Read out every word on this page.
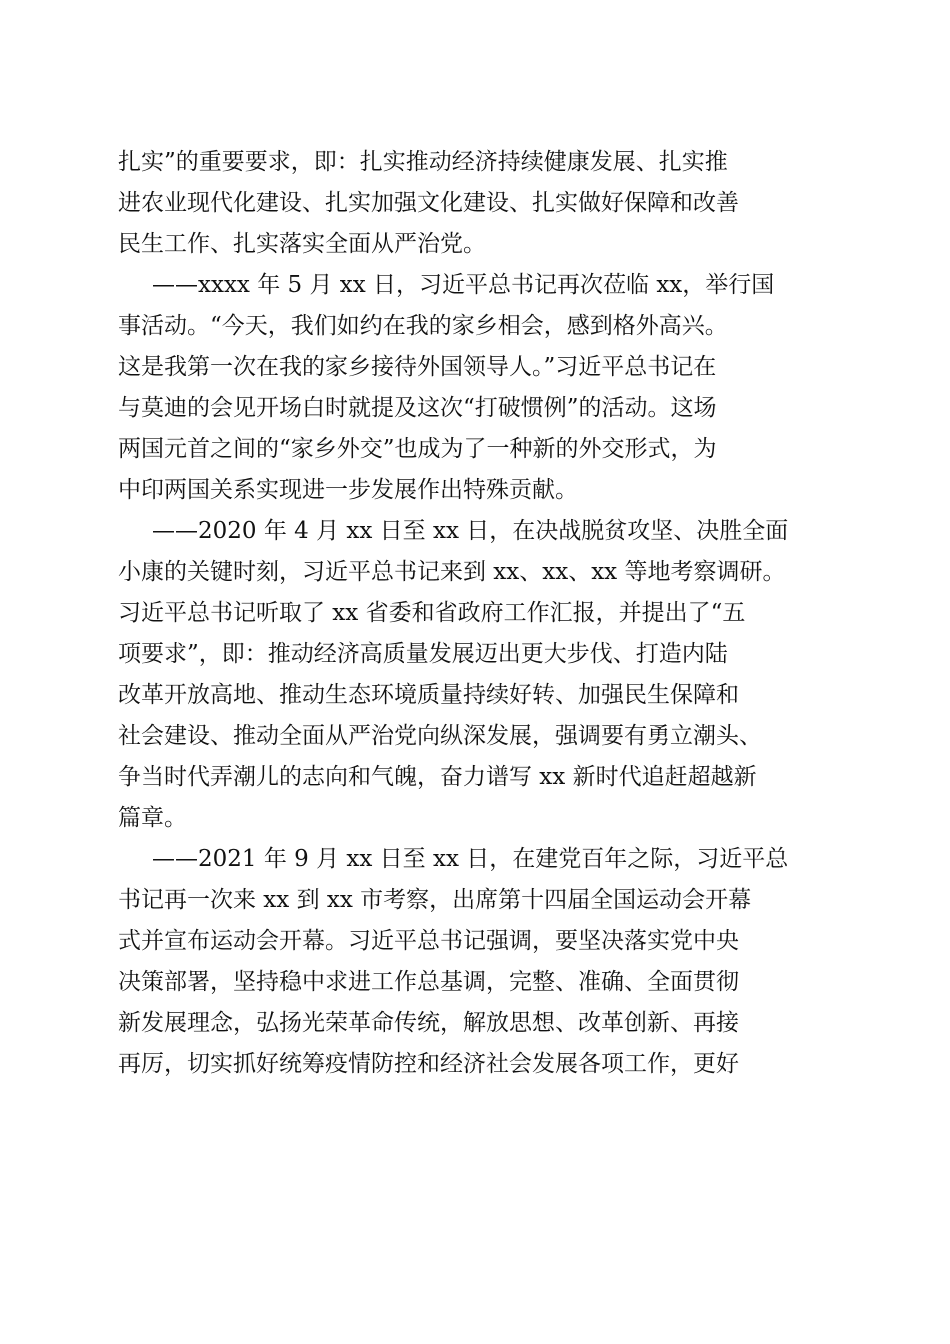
扎实”的重要要求，即：扎实推动经济持续健康发展、扎实推
进农业现代化建设、扎实加强文化建设、扎实做好保障和改善
民生工作、扎实落实全面从严治党。
——xxxx 年 5 月 xx 日，习近平总书记再次莅临 xx，举行国
事活动。“今天，我们如约在我的家乡相会，感到格外高兴。
这是我第一次在我的家乡接待外国领导人。”习近平总书记在
与莫迪的会见开场白时就提及这次“打破惯例”的活动。这场
两国元首之间的“家乡外交”也成为了一种新的外交形式，为
中印两国关系实现进一步发展作出特殊贡献。
——2020 年 4 月 xx 日至 xx 日，在决战脱贫攻坚、决胜全面
小康的关键时刻，习近平总书记来到 xx、xx、xx 等地考察调研。
习近平总书记听取了 xx 省委和省政府工作汇报，并提出了“五
项要求”，即：推动经济高质量发展迈出更大步伐、打造内陆
改革开放高地、推动生态环境质量持续好转、加强民生保障和
社会建设、推动全面从严治党向纵深发展，强调要有勇立潮头、
争当时代弄潮儿的志向和气魄，奋力谱写 xx 新时代追赶超越新
篇章。
——2021 年 9 月 xx 日至 xx 日，在建党百年之际，习近平总
书记再一次来 xx 到 xx 市考察，出席第十四届全国运动会开幕
式并宣布运动会开幕。习近平总书记强调，要坚决落实党中央
决策部署，坚持稳中求进工作总基调，完整、准确、全面贯彻
新发展理念，弘扬光荣革命传统，解放思想、改革创新、再接
再厉，切实抓好统筹疫情防控和经济社会发展各项工作，更好
